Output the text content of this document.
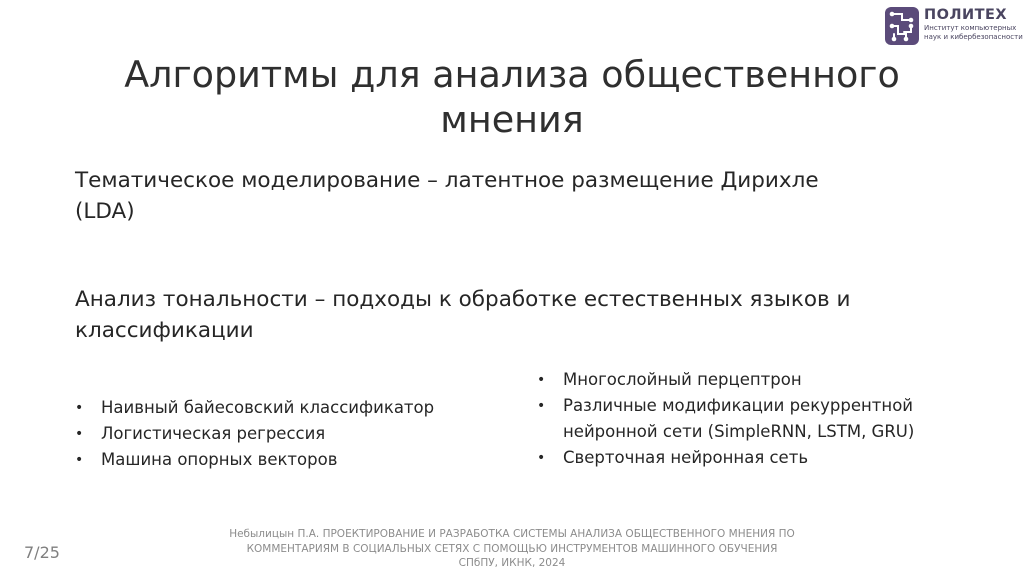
ПОЛИТЕХ
Институт компьютерных
наук и кибербезопасности
Алгоритмы для анализа общественного
мнения
Тематическое моделирование – латентное размещение Дирихле
(LDA)
Анализ тональности – подходы к обработке естественных языков и
классификации
• Наивный байесовский классификатор
• Логистическая регрессия
• Машина опорных векторов
• Многослойный перцептрон
• Различные модификации рекуррентной
нейронной сети (SimpleRNN, LSTM, GRU)
• Сверточная нейронная сеть
7/25
Небылицын П.А. ПРОЕКТИРОВАНИЕ И РАЗРАБОТКА СИСТЕМЫ АНАЛИЗА ОБЩЕСТВЕННОГО МНЕНИЯ ПО
КОММЕНТАРИЯМ В СОЦИАЛЬНЫХ СЕТЯХ С ПОМОЩЬЮ ИНСТРУМЕНТОВ МАШИННОГО ОБУЧЕНИЯ
СПбПУ, ИКНК, 2024
